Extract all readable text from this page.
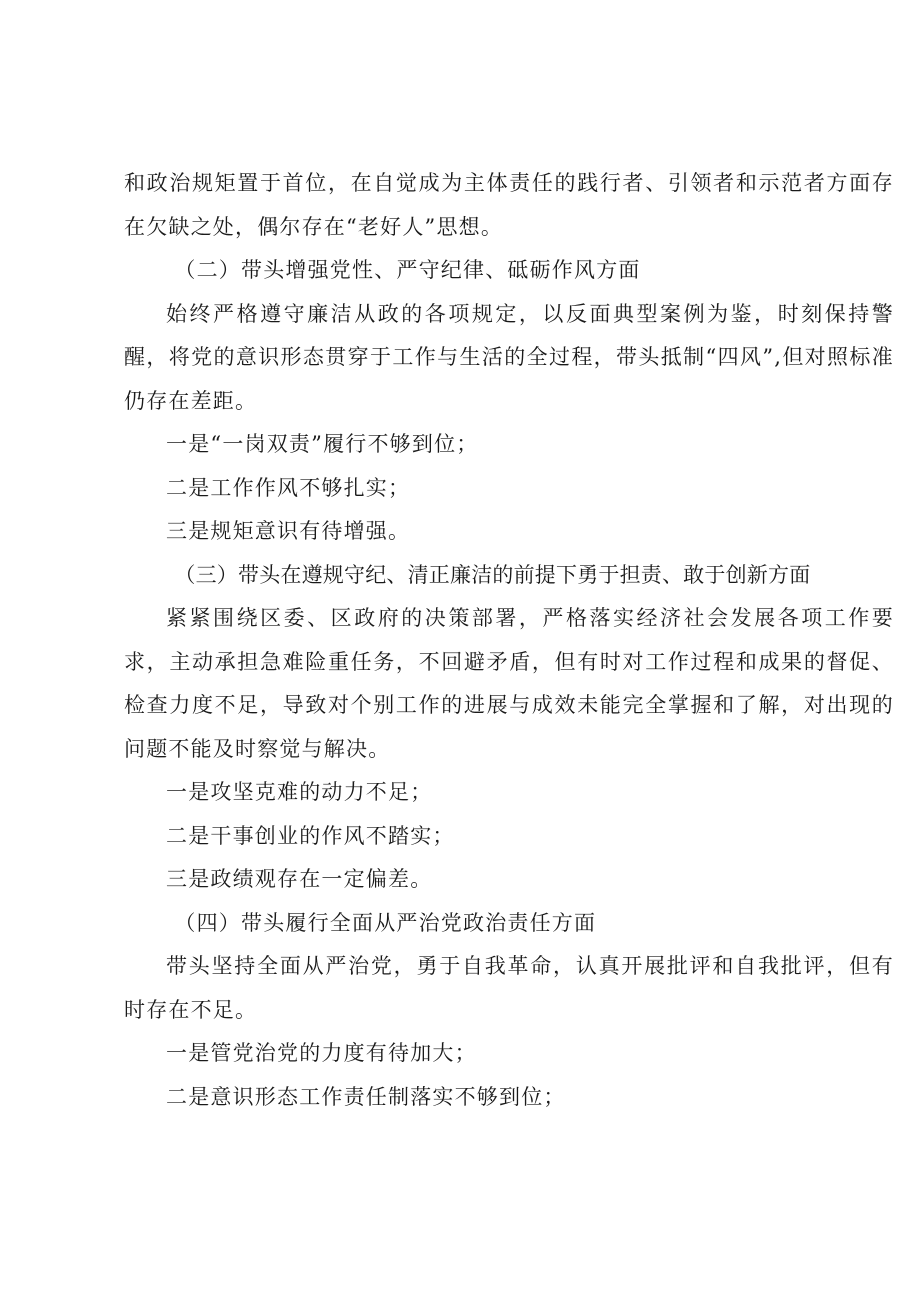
和政治规矩置于首位，在自觉成为主体责任的践行者、引领者和示范者方面存在欠缺之处，偶尔存在“老好人”思想。

（二）带头增强党性、严守纪律、砥砺作风方面

始终严格遵守廉洁从政的各项规定，以反面典型案例为鉴，时刻保持警醒，将党的意识形态贯穿于工作与生活的全过程，带头抵制“四风”,但对照标准仍存在差距。

一是“一岗双责”履行不够到位；

二是工作作风不够扎实；

三是规矩意识有待增强。

（三）带头在遵规守纪、清正廉洁的前提下勇于担责、敢于创新方面

紧紧围绕区委、区政府的决策部署，严格落实经济社会发展各项工作要求，主动承担急难险重任务，不回避矛盾，但有时对工作过程和成果的督促、检查力度不足，导致对个别工作的进展与成效未能完全掌握和了解，对出现的问题不能及时察觉与解决。

一是攻坚克难的动力不足；

二是干事创业的作风不踏实；

三是政绩观存在一定偏差。

（四）带头履行全面从严治党政治责任方面

带头坚持全面从严治党，勇于自我革命，认真开展批评和自我批评，但有时存在不足。

一是管党治党的力度有待加大；

二是意识形态工作责任制落实不够到位；
